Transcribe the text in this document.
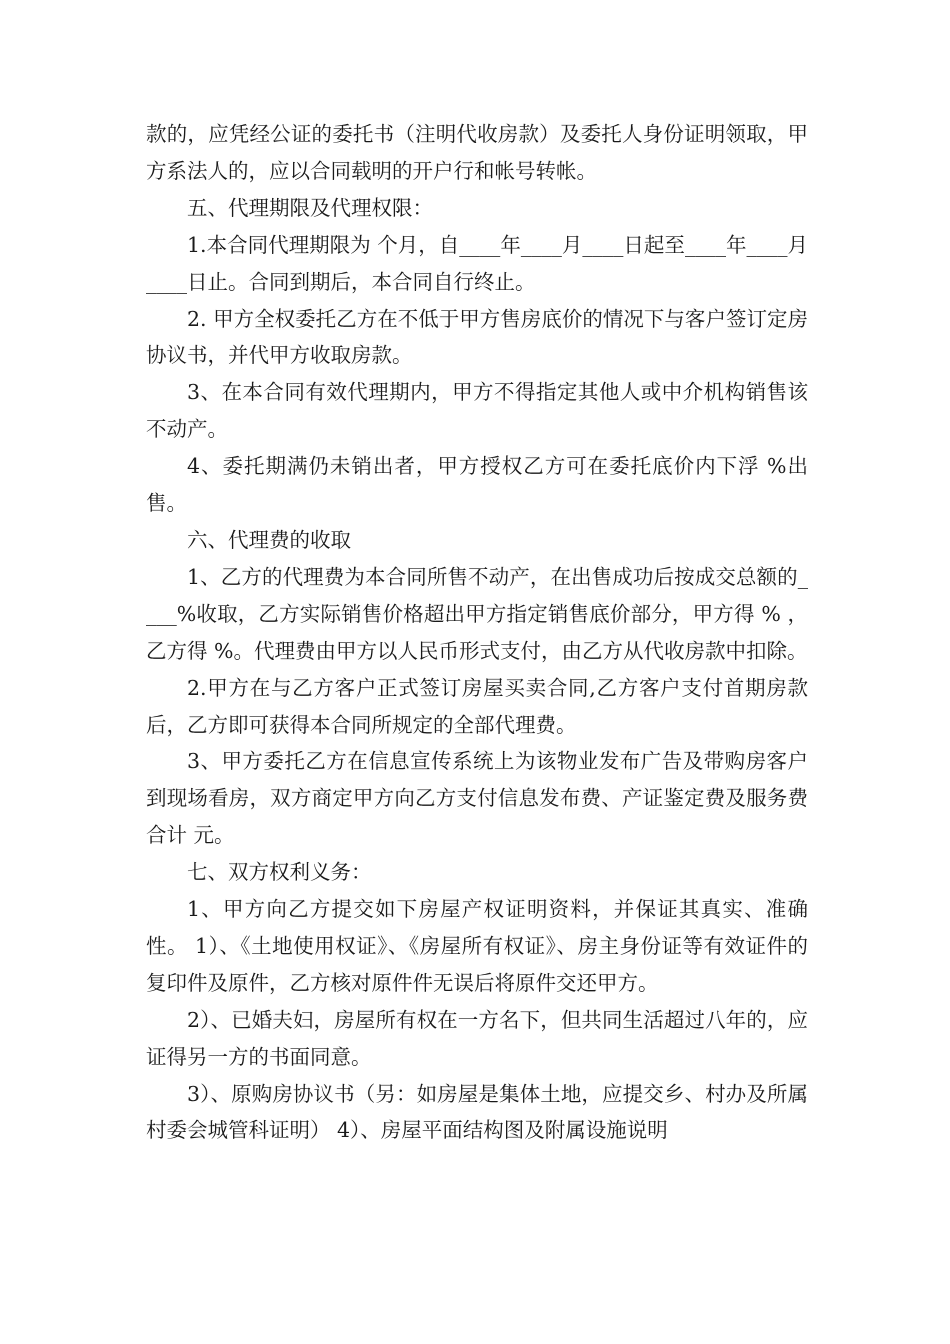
款的，应凭经公证的委托书（注明代收房款）及委托人身份证明领取，甲方系法人的，应以合同载明的开户行和帐号转帐。

五、代理期限及代理权限：

1.本合同代理期限为 个月，自____年____月____日起至____年____月____日止。合同到期后，本合同自行终止。

2. 甲方全权委托乙方在不低于甲方售房底价的情况下与客户签订定房协议书，并代甲方收取房款。

3、在本合同有效代理期内，甲方不得指定其他人或中介机构销售该不动产。

4、委托期满仍未销出者，甲方授权乙方可在委托底价内下浮 %出售。

六、代理费的收取

1、乙方的代理费为本合同所售不动产，在出售成功后按成交总额的____%收取，乙方实际销售价格超出甲方指定销售底价部分，甲方得 % ，乙方得 %。代理费由甲方以人民币形式支付，由乙方从代收房款中扣除。

2.甲方在与乙方客户正式签订房屋买卖合同,乙方客户支付首期房款后，乙方即可获得本合同所规定的全部代理费。

3、甲方委托乙方在信息宣传系统上为该物业发布广告及带购房客户到现场看房，双方商定甲方向乙方支付信息发布费、产证鉴定费及服务费合计 元。

七、双方权利义务：

1、甲方向乙方提交如下房屋产权证明资料，并保证其真实、准确性。 1）、《土地使用权证》、《房屋所有权证》、房主身份证等有效证件的复印件及原件，乙方核对原件件无误后将原件交还甲方。

2）、已婚夫妇，房屋所有权在一方名下，但共同生活超过八年的，应证得另一方的书面同意。

3）、原购房协议书（另：如房屋是集体土地，应提交乡、村办及所属村委会城管科证明） 4）、房屋平面结构图及附属设施说明
